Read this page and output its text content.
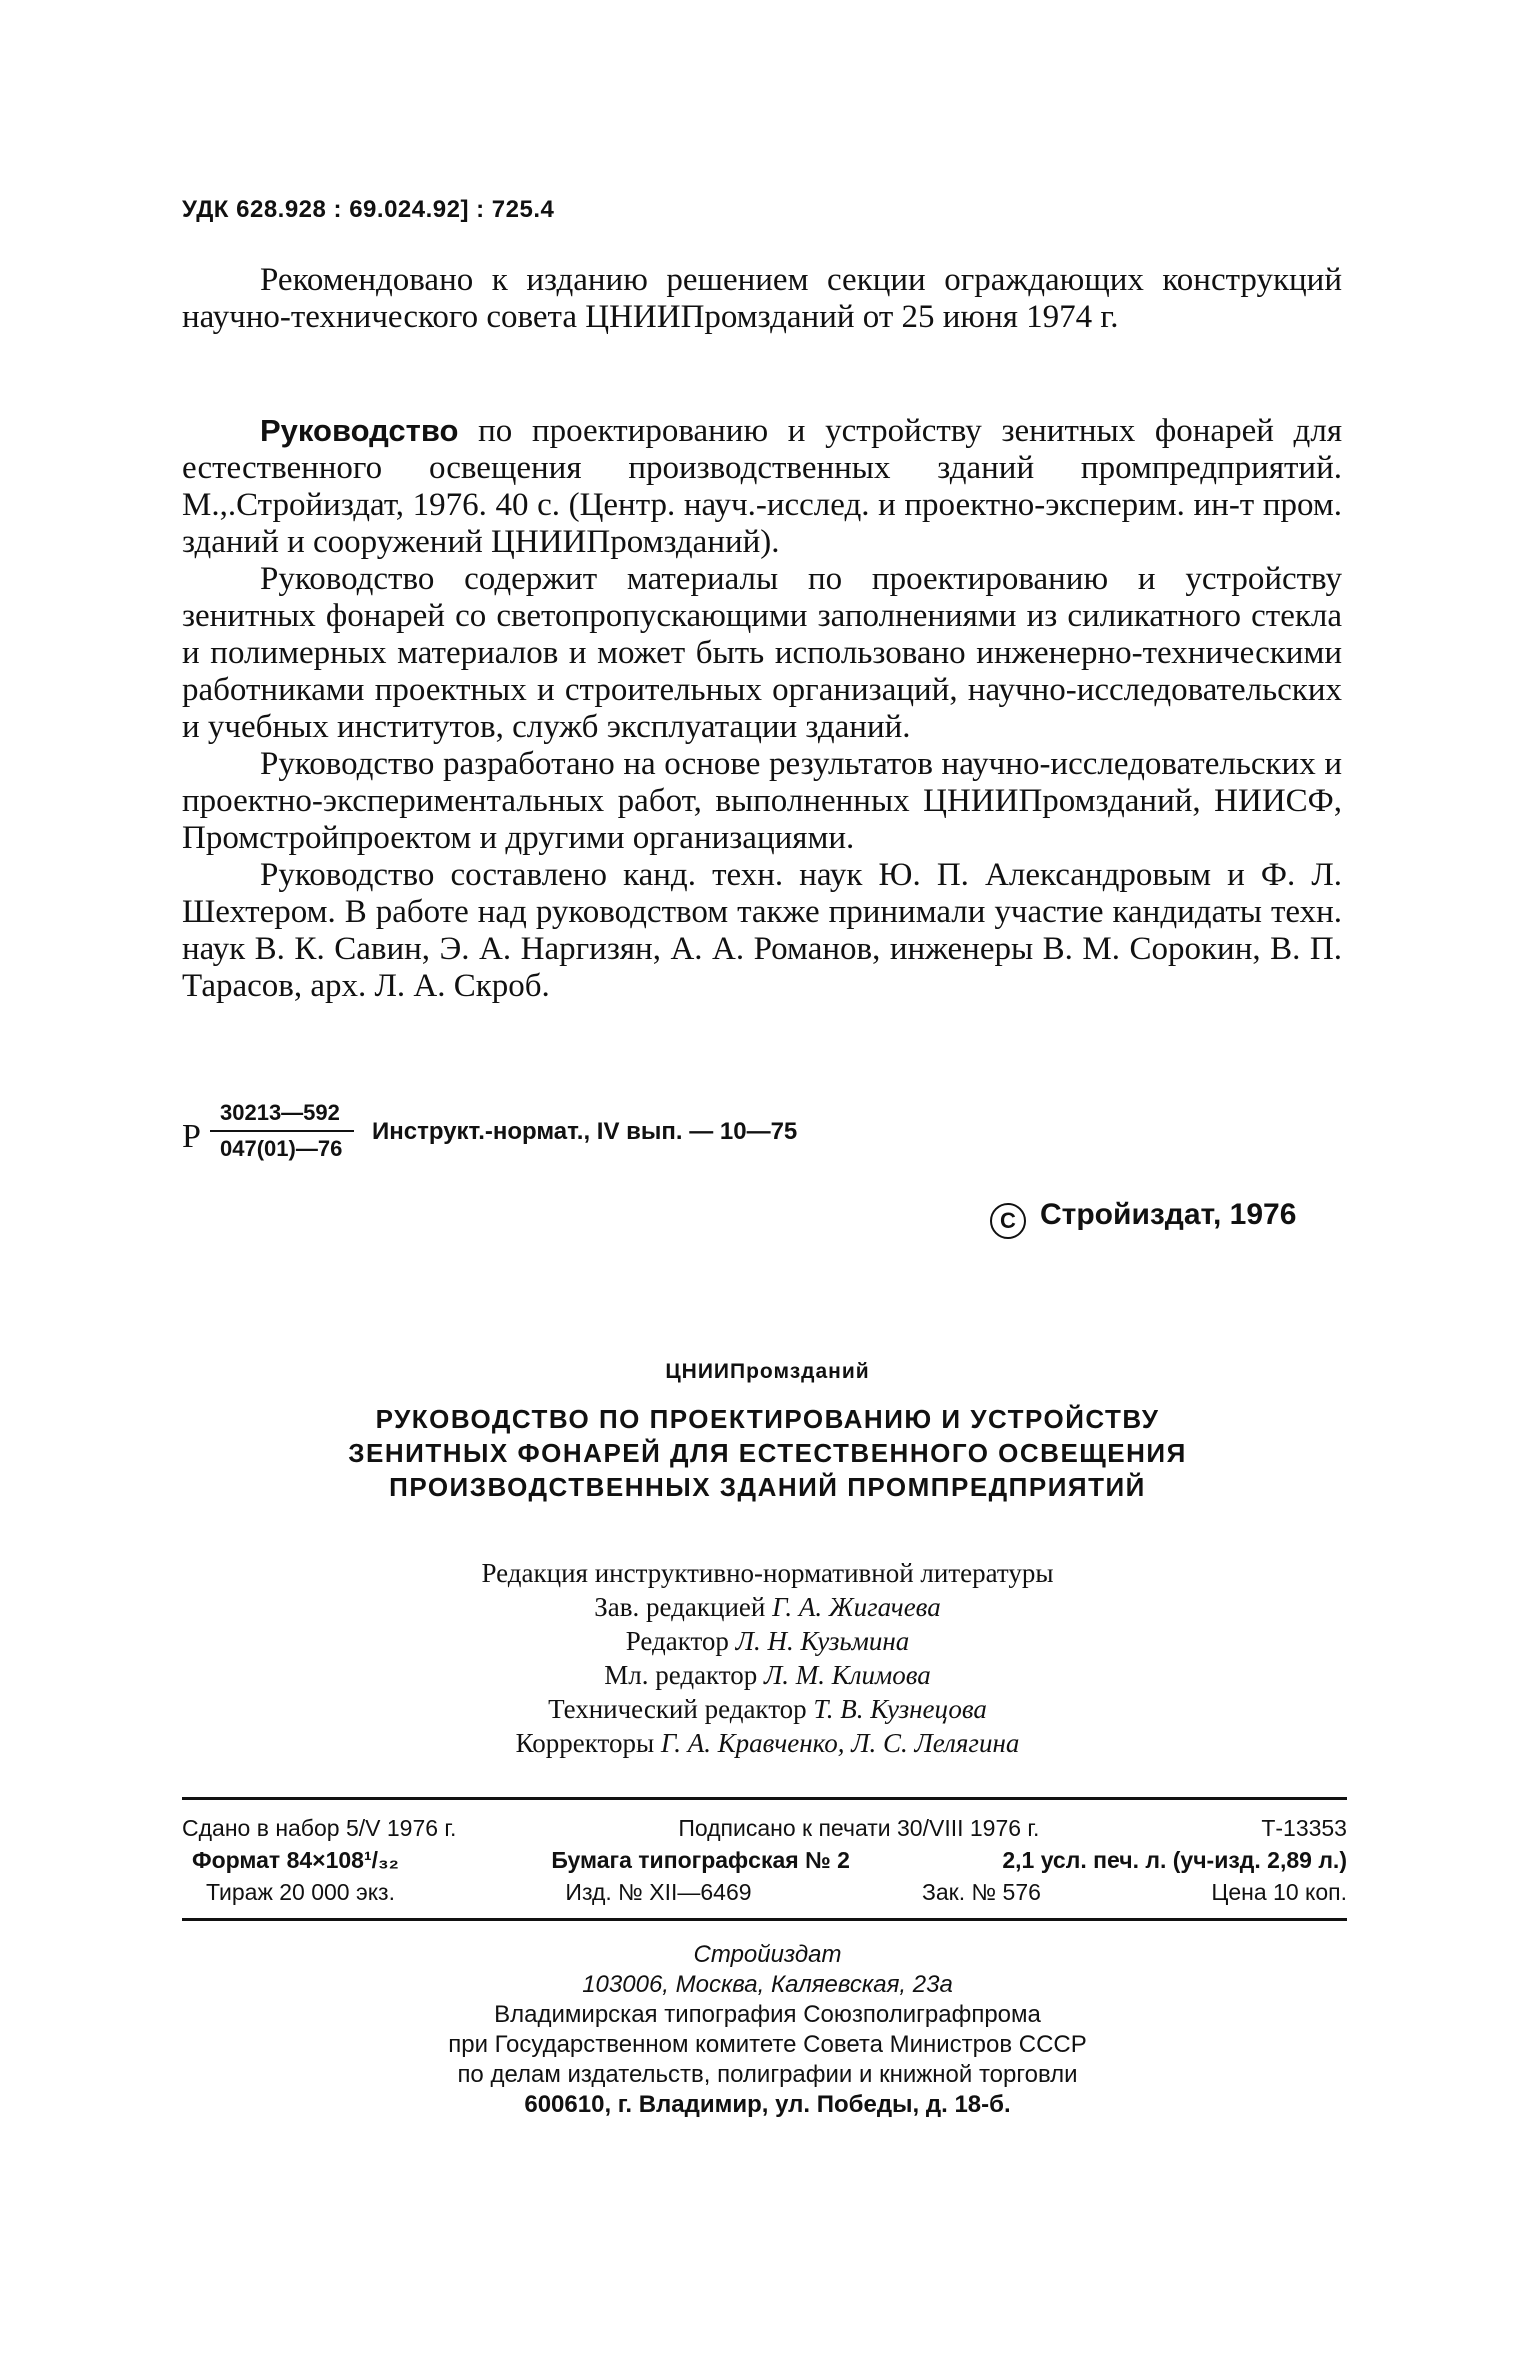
УДК 628.928 : 69.024.92] : 725.4

Рекомендовано к изданию решением секции ограждающих конструкций научно-технического совета ЦНИИПромзданий от 25 июня 1974 г.

Руководство по проектированию и устройству зенитных фонарей для естественного освещения производственных зданий промпредприятий. М.,.Стройиздат, 1976. 40 с. (Центр. науч.-исслед. и проектно-эксперим. ин-т пром. зданий и сооружений ЦНИИПромзданий).

Руководство содержит материалы по проектированию и устройству зенитных фонарей со светопропускающими заполнениями из силикатного стекла и полимерных материалов и может быть использовано инженерно-техническими работниками проектных и строительных организаций, научно-исследовательских и учебных институтов, служб эксплуатации зданий.

Руководство разработано на основе результатов научно-исследовательских и проектно-экспериментальных работ, выполненных ЦНИИПромзданий, НИИСФ, Промстройпроектом и другими организациями.

Руководство составлено канд. техн. наук Ю. П. Александровым и Ф. Л. Шехтером. В работе над руководством также принимали участие кандидаты техн. наук В. К. Савин, Э. А. Наргизян, А. А. Романов, инженеры В. М. Сорокин, В. П. Тарасов, арх. Л. А. Скроб.

Р
30213—592
047(01)—76
Инструкт.-нормат., IV вып. — 10—75
C Стройиздат, 1976
ЦНИИПромзданий
РУКОВОДСТВО ПО ПРОЕКТИРОВАНИЮ И УСТРОЙСТВУ
ЗЕНИТНЫХ ФОНАРЕЙ ДЛЯ ЕСТЕСТВЕННОГО ОСВЕЩЕНИЯ
ПРОИЗВОДСТВЕННЫХ ЗДАНИЙ ПРОМПРЕДПРИЯТИЙ
Редакция инструктивно-нормативной литературы
Зав. редакцией Г. А. Жигачева
Редактор Л. Н. Кузьмина
Мл. редактор Л. М. Климова
Технический редактор Т. В. Кузнецова
Корректоры Г. А. Кравченко, Л. С. Лелягина
Сдано в набор 5/V 1976 г.	Подписано к печати 30/VIII 1976 г.	Т-13353
Формат 84×108¹/₃₂	Бумага типографская № 2	2,1 усл. печ. л. (уч-изд. 2,89 л.)
Тираж 20 000 экз.	Изд. № XII—6469	Зак. № 576	Цена 10 коп.
Стройиздат
103006, Москва, Каляевская, 23а
Владимирская типография Союзполиграфпрома
при Государственном комитете Совета Министров СССР
по делам издательств, полиграфии и книжной торговли
600610, г. Владимир, ул. Победы, д. 18-б.
